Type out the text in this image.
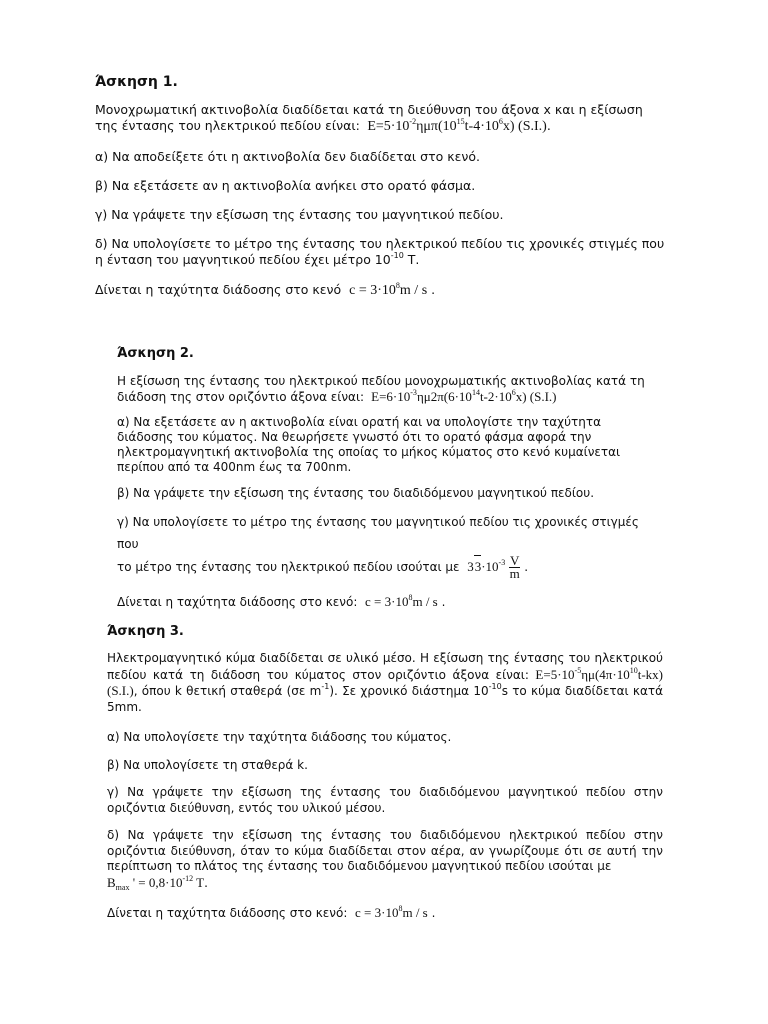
Άσκηση 1.

Μονοχρωματική ακτινοβολία διαδίδεται κατά τη διεύθυνση του άξονα x και η εξίσωση
της έντασης του ηλεκτρικού πεδίου είναι: $E=5\cdot 10^{-2}\eta\mu\pi(10^{15}t-4\cdot 10^6x)$ (S.I.).

α) Να αποδείξετε ότι η ακτινοβολία δεν διαδίδεται στο κενό.

β) Να εξετάσετε αν η ακτινοβολία ανήκει στο ορατό φάσμα.

γ) Να γράψετε την εξίσωση της έντασης του μαγνητικού πεδίου.

δ) Να υπολογίσετε το μέτρο της έντασης του ηλεκτρικού πεδίου τις χρονικές στιγμές που
η ένταση του μαγνητικού πεδίου έχει μέτρο $10^{-10}$ Τ.

Δίνεται η ταχύτητα διάδοσης στο κενό $c = 3\cdot 10^8m / s$ .

Άσκηση 2.

Η εξίσωση της έντασης του ηλεκτρικού πεδίου μονοχρωματικής ακτινοβολίας κατά τη
διάδοση της στον οριζόντιο άξονα είναι: $E=6\cdot 10^{-3}\eta\mu 2\pi(6\cdot 10^{14}t-2\cdot 10^6x)$ (S.I.)

α) Να εξετάσετε αν η ακτινοβολία είναι ορατή και να υπολογίστε την ταχύτητα διάδοσης του κύματος. Να θεωρήσετε γνωστό ότι το ορατό φάσμα αφορά την ηλεκτρομαγνητική ακτινοβολία της οποίας το μήκος κύματος στο κενό κυμαίνεται περίπου από τα 400nm έως τα 700nm.

β) Να γράψετε την εξίσωση της έντασης του διαδιδόμενου μαγνητικού πεδίου.

γ) Να υπολογίσετε το μέτρο της έντασης του μαγνητικού πεδίου τις χρονικές στιγμές που
το μέτρο της έντασης του ηλεκτρικού πεδίου ισούται με $33\cdot 10^{-3} \frac{V}{m}$ .

Δίνεται η ταχύτητα διάδοσης στο κενό: $c = 3\cdot 10^8m / s$ .

Άσκηση 3.

Ηλεκτρομαγνητικό κύμα διαδίδεται σε υλικό μέσο. Η εξίσωση της έντασης του ηλεκτρικού πεδίου κατά τη διάδοση του κύματος στον οριζόντιο άξονα είναι: $E=5\cdot 10^{-5}\eta\mu(4\pi\cdot 10^{10}t-kx)$ (S.I.), όπου k θετική σταθερά (σε $m^{-1}$). Σε χρονικό διάστημα $10^{-10}s$ το κύμα διαδίδεται κατά 5mm.

α) Να υπολογίσετε την ταχύτητα διάδοσης του κύματος.

β) Να υπολογίσετε τη σταθερά k.

γ) Να γράψετε την εξίσωση της έντασης του διαδιδόμενου μαγνητικού πεδίου στην οριζόντια διεύθυνση, εντός του υλικού μέσου.

δ) Να γράψετε την εξίσωση της έντασης του διαδιδόμενου ηλεκτρικού πεδίου στην οριζόντια διεύθυνση, όταν το κύμα διαδίδεται στον αέρα, αν γνωρίζουμε ότι σε αυτή την περίπτωση το πλάτος της έντασης του διαδιδόμενου μαγνητικού πεδίου ισούται με
$B_{max}$ ' = $0,8\cdot 10^{-12}$ T.

Δίνεται η ταχύτητα διάδοσης στο κενό: $c = 3\cdot 10^8m / s$ .
